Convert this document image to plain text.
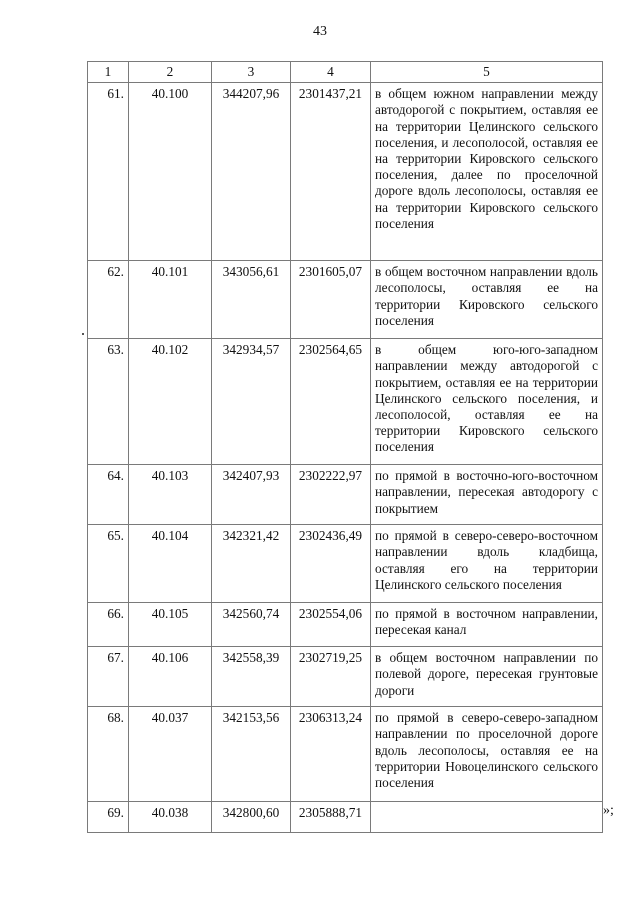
43
1	2	3	4	5
61.	40.100	344207,96	2301437,21	в общем южном направлении между автодорогой с покрытием, оставляя ее на территории Целинского сельского поселения, и лесополосой, оставляя ее на территории Кировского сельского поселения, далее по проселочной дороге вдоль лесополосы, оставляя ее на территории Кировского сельского поселения
62.	40.101	343056,61	2301605,07	в общем восточном направлении вдоль лесополосы, оставляя ее на территории Кировского сельского поселения
63.	40.102	342934,57	2302564,65	в общем юго-юго-западном направлении между автодорогой с покрытием, оставляя ее на территории Целинского сельского поселения, и лесополосой, оставляя ее на территории Кировского сельского поселения
64.	40.103	342407,93	2302222,97	по прямой в восточно-юго-восточном направлении, пересекая автодорогу с покрытием
65.	40.104	342321,42	2302436,49	по прямой в северо-северо-восточном направлении вдоль кладбища, оставляя его на территории Целинского сельского поселения
66.	40.105	342560,74	2302554,06	по прямой в восточном направлении, пересекая канал
67.	40.106	342558,39	2302719,25	в общем восточном направлении по полевой дороге, пересекая грунтовые дороги
68.	40.037	342153,56	2306313,24	по прямой в северо-северо-западном направлении по проселочной дороге вдоль лесополосы, оставляя ее на территории Новоцелинского сельского поселения
69.	40.038	342800,60	2305888,71		»;
